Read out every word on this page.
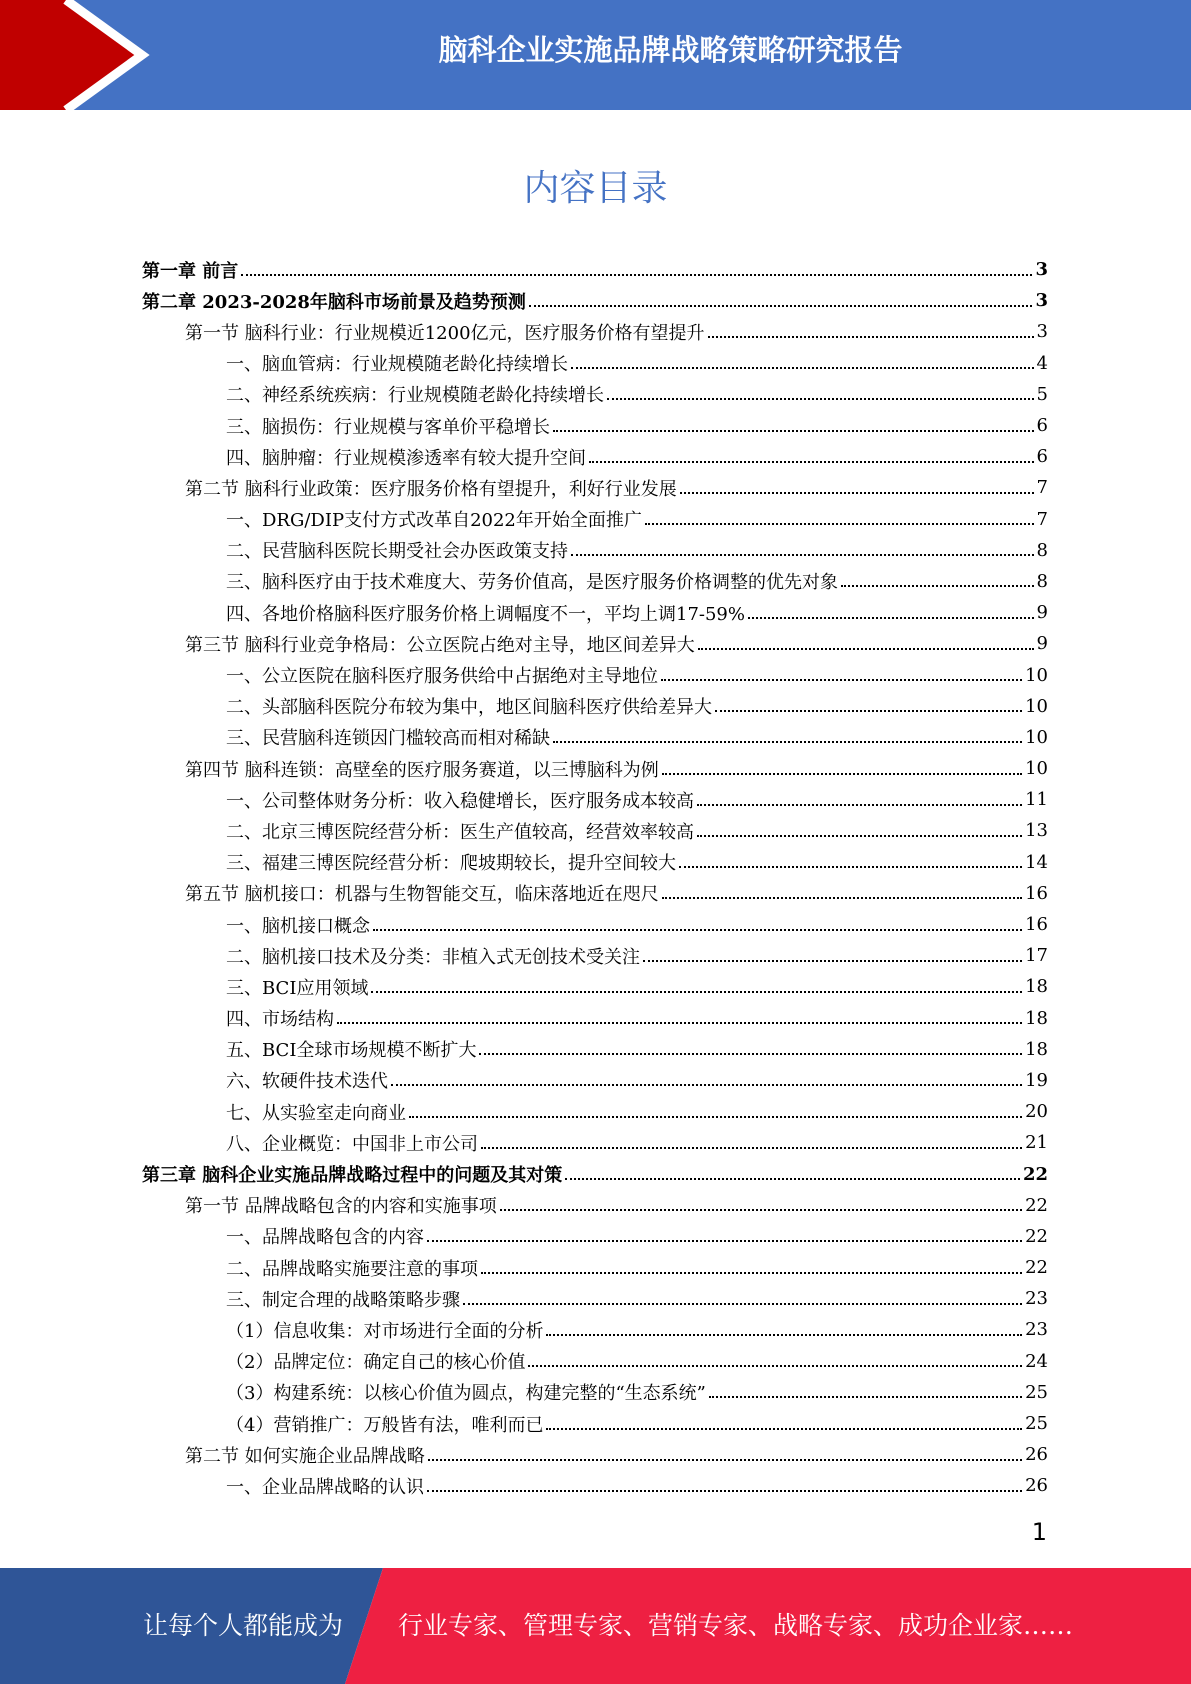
脑科企业实施品牌战略策略研究报告
内容目录
第一章 前言	3
第二章 2023-2028年脑科市场前景及趋势预测	3
第一节 脑科行业：行业规模近1200亿元，医疗服务价格有望提升	3
一、脑血管病：行业规模随老龄化持续增长	4
二、神经系统疾病：行业规模随老龄化持续增长	5
三、脑损伤：行业规模与客单价平稳增长	6
四、脑肿瘤：行业规模渗透率有较大提升空间	6
第二节 脑科行业政策：医疗服务价格有望提升，利好行业发展	7
一、DRG/DIP支付方式改革自2022年开始全面推广	7
二、民营脑科医院长期受社会办医政策支持	8
三、脑科医疗由于技术难度大、劳务价值高，是医疗服务价格调整的优先对象	8
四、各地价格脑科医疗服务价格上调幅度不一，平均上调17-59%	9
第三节 脑科行业竞争格局：公立医院占绝对主导，地区间差异大	9
一、公立医院在脑科医疗服务供给中占据绝对主导地位	10
二、头部脑科医院分布较为集中，地区间脑科医疗供给差异大	10
三、民营脑科连锁因门槛较高而相对稀缺	10
第四节 脑科连锁：高壁垒的医疗服务赛道，以三博脑科为例	10
一、公司整体财务分析：收入稳健增长，医疗服务成本较高	11
二、北京三博医院经营分析：医生产值较高，经营效率较高	13
三、福建三博医院经营分析：爬坡期较长，提升空间较大	14
第五节 脑机接口：机器与生物智能交互，临床落地近在咫尺	16
一、脑机接口概念	16
二、脑机接口技术及分类：非植入式无创技术受关注	17
三、BCI应用领域	18
四、市场结构	18
五、BCI全球市场规模不断扩大	18
六、软硬件技术迭代	19
七、从实验室走向商业	20
八、企业概览：中国非上市公司	21
第三章 脑科企业实施品牌战略过程中的问题及其对策	22
第一节 品牌战略包含的内容和实施事项	22
一、品牌战略包含的内容	22
二、品牌战略实施要注意的事项	22
三、制定合理的战略策略步骤	23
（1）信息收集：对市场进行全面的分析	23
（2）品牌定位：确定自己的核心价值	24
（3）构建系统：以核心价值为圆点，构建完整的“生态系统”	25
（4）营销推广：万般皆有法，唯利而已	25
第二节 如何实施企业品牌战略	26
一、企业品牌战略的认识	26
1
让每个人都能成为 行业专家、管理专家、营销专家、战略专家、成功企业家……
